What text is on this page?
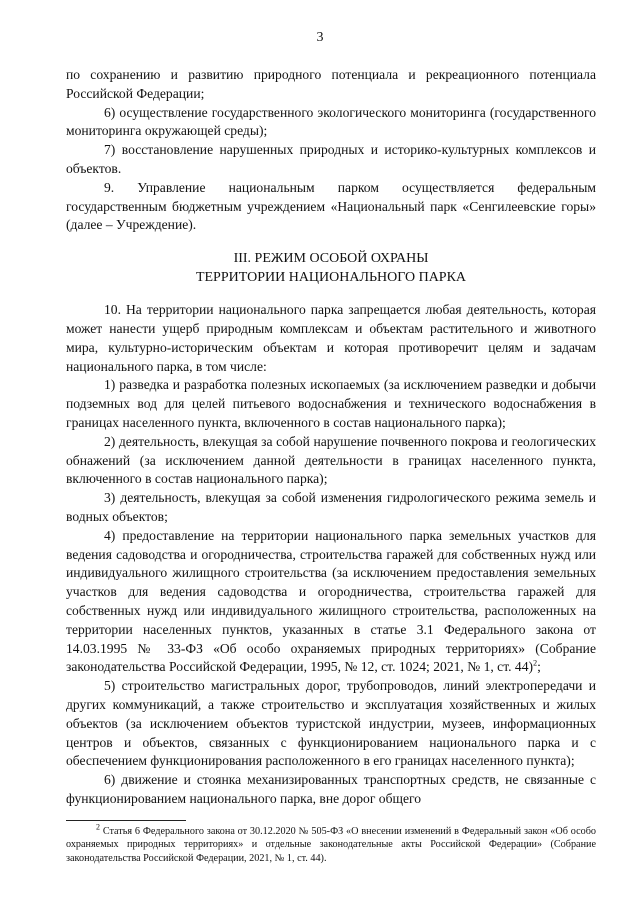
3

по сохранению и развитию природного потенциала и рекреационного потенциала Российской Федерации;

6) осуществление государственного экологического мониторинга (государственного мониторинга окружающей среды);

7) восстановление нарушенных природных и историко-культурных комплексов и объектов.

9. Управление национальным парком осуществляется федеральным государственным бюджетным учреждением «Национальный парк «Сенгилеевские горы» (далее – Учреждение).

III. РЕЖИМ ОСОБОЙ ОХРАНЫ
ТЕРРИТОРИИ НАЦИОНАЛЬНОГО ПАРКА

10. На территории национального парка запрещается любая деятельность, которая может нанести ущерб природным комплексам и объектам растительного и животного мира, культурно-историческим объектам и которая противоречит целям и задачам национального парка, в том числе:

1) разведка и разработка полезных ископаемых (за исключением разведки и добычи подземных вод для целей питьевого водоснабжения и технического водоснабжения в границах населенного пункта, включенного в состав национального парка);

2) деятельность, влекущая за собой нарушение почвенного покрова и геологических обнажений (за исключением данной деятельности в границах населенного пункта, включенного в состав национального парка);

3) деятельность, влекущая за собой изменения гидрологического режима земель и водных объектов;

4) предоставление на территории национального парка земельных участков для ведения садоводства и огородничества, строительства гаражей для собственных нужд или индивидуального жилищного строительства (за исключением предоставления земельных участков для ведения садоводства и огородничества, строительства гаражей для собственных нужд или индивидуального жилищного строительства, расположенных на территории населенных пунктов, указанных в статье 3.1 Федерального закона от 14.03.1995 № 33-ФЗ «Об особо охраняемых природных территориях» (Собрание законодательства Российской Федерации, 1995, № 12, ст. 1024; 2021, № 1, ст. 44)$^2$;

5) строительство магистральных дорог, трубопроводов, линий электропередачи и других коммуникаций, а также строительство и эксплуатация хозяйственных и жилых объектов (за исключением объектов туристской индустрии, музеев, информационных центров и объектов, связанных с функционированием национального парка и с обеспечением функционирования расположенного в его границах населенного пункта);

6) движение и стоянка механизированных транспортных средств, не связанные с функционированием национального парка, вне дорог общего

$^2$ Статья 6 Федерального закона от 30.12.2020 № 505-ФЗ «О внесении изменений в Федеральный закон «Об особо охраняемых природных территориях» и отдельные законодательные акты Российской Федерации» (Собрание законодательства Российской Федерации, 2021, № 1, ст. 44).
